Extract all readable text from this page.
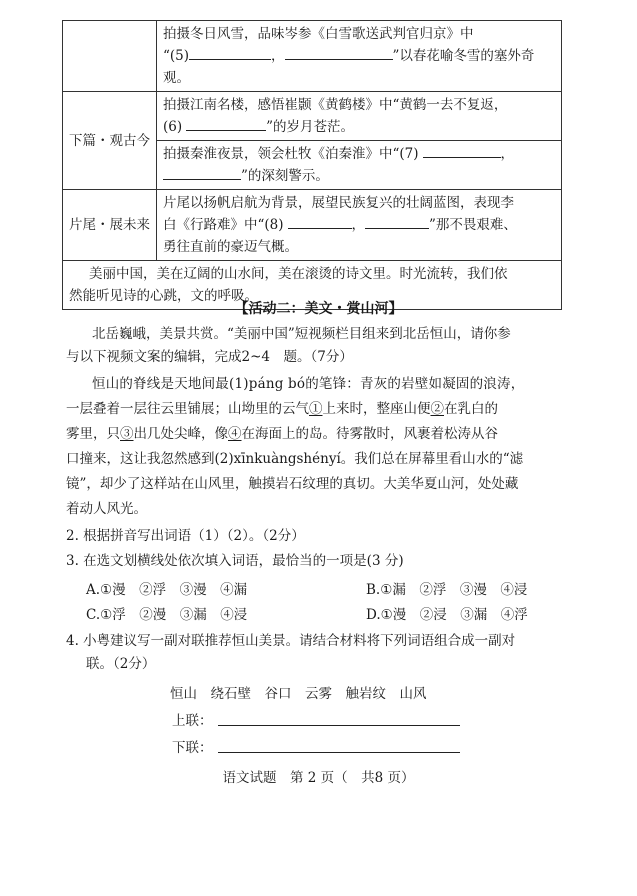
	拍摄冬日风雪，品味岑参《白雪歌送武判官归京》中
“(5) ， ”以春花喻冬雪的塞外奇观。

下篇・观古今	拍摄江南名楼，感悟崔颢《黄鹤楼》中“黄鹤一去不复返，
(6) ”的岁月苍茫。

	拍摄秦淮夜景，领会杜牧《泊秦淮》中“(7) ，
”的深刻警示。

片尾・展未来	片尾以扬帆启航为背景，展望民族复兴的壮阔蓝图，表现李
白《行路难》中“(8) ， ”那不畏艰难、
勇往直前的豪迈气概。

美丽中国，美在辽阔的山水间，美在滚烫的诗文里。时光流转，我们依
然能听见诗的心跳，文的呼吸。	
【活动二：美文・赏山河】
北岳巍峨，美景共赏。“美丽中国”短视频栏目组来到北岳恒山，请你参
与以下视频文案的编辑，完成2~4　题。（7分）
恒山的脊线是天地间最(1)páng bó的笔锋：青灰的岩壁如凝固的浪涛，
一层叠着一层往云里铺展；山坳里的云气①上来时，整座山便②在乳白的
雾里，只③出几处尖峰，像④在海面上的岛。待雾散时，风裹着松涛从谷
口撞来，这让我忽然感到(2)xīnkuàngshényí。我们总在屏幕里看山水的“滤
镜”，却少了这样站在山风里，触摸岩石纹理的真切。大美华夏山河，处处藏
着动人风光。
2. 根据拼音写出词语（1）（2）。（2分）
3. 在选文划横线处依次填入词语，最恰当的一项是(3 分)
A.①漫　②浮　③漫　④漏	B.①漏　②浮　③漫　④浸
C.①浮　②漫　③漏　④浸	D.①漫　②浸　③漏　④浮
4. 小粤建议写一副对联推荐恒山美景。请结合材料将下列词语组合成一副对
联。（2分）
恒山　绕石壁　谷口　云雾　触岩纹　山风
上联：
下联：
语文试题　第 2 页（　共8 页）
